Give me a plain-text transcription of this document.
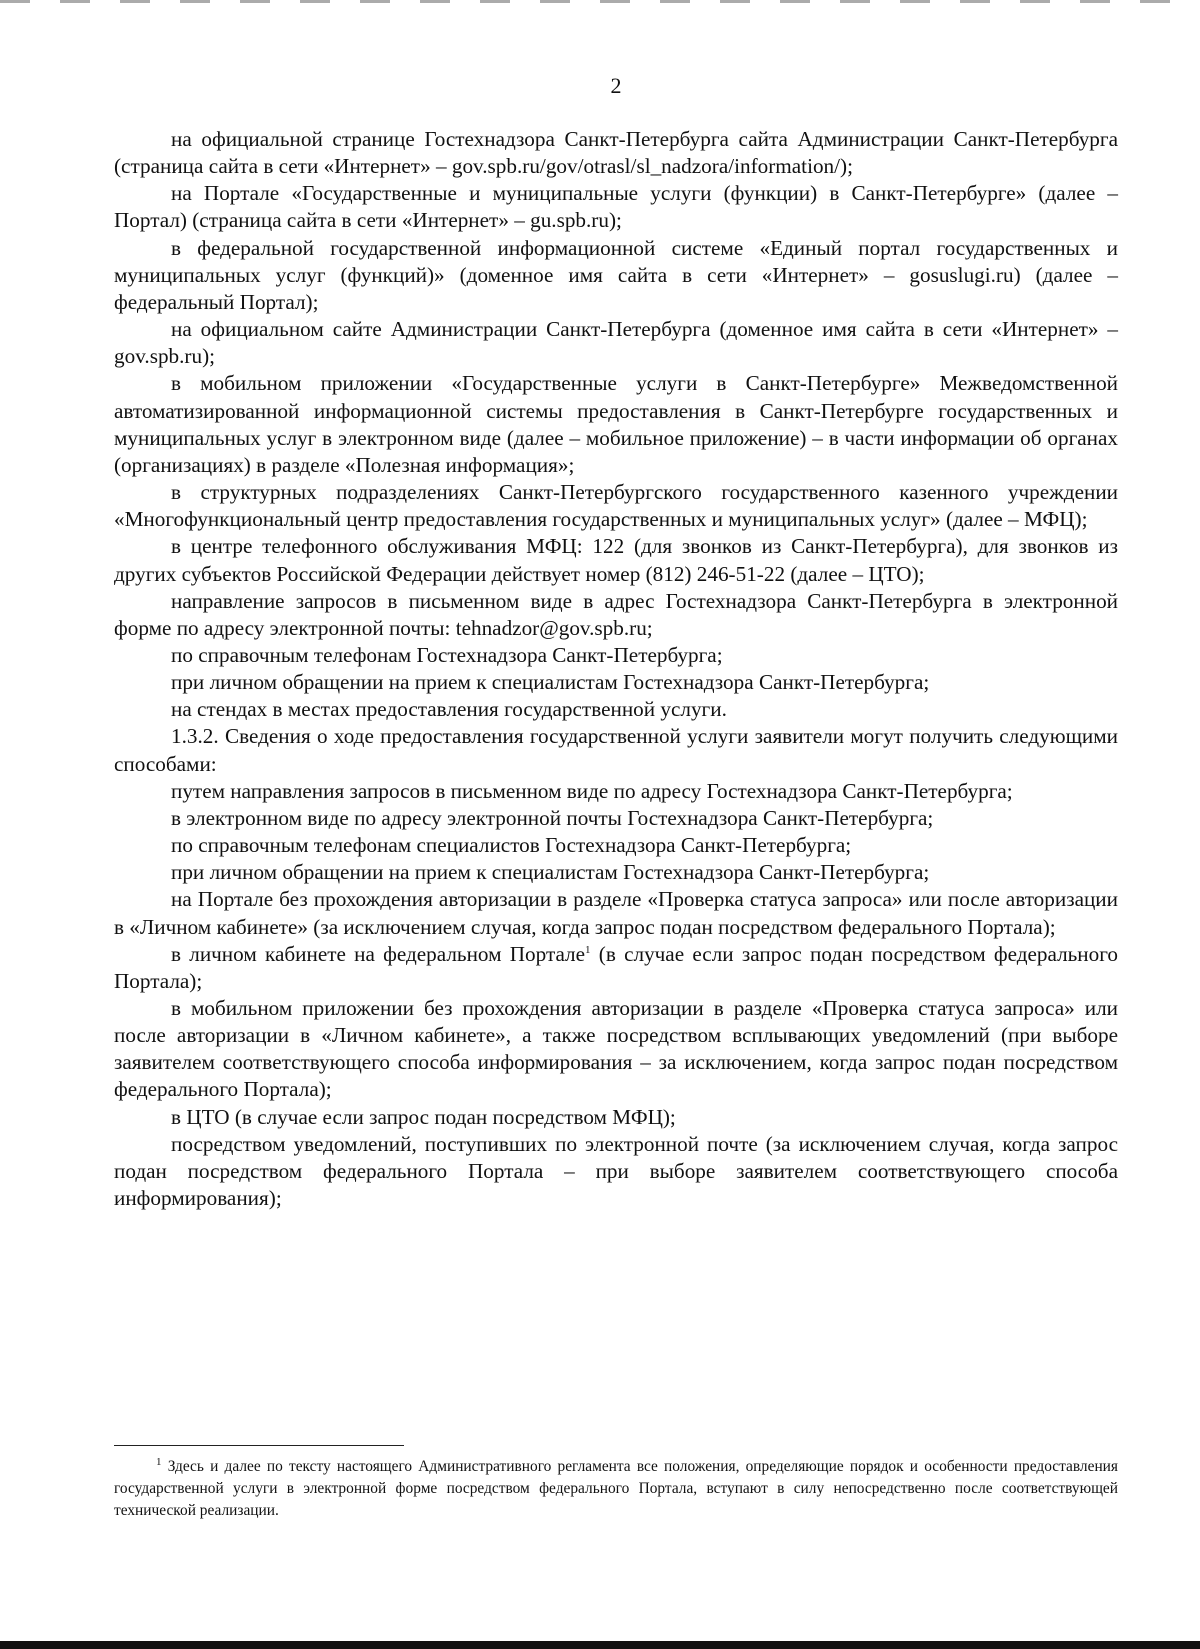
2

на официальной странице Гостехнадзора Санкт-Петербурга сайта Администрации Санкт-Петербурга (страница сайта в сети «Интернет» – gov.spb.ru/gov/otrasl/sl_nadzora/information/);

на Портале «Государственные и муниципальные услуги (функции) в Санкт-Петербурге» (далее – Портал) (страница сайта в сети «Интернет» – gu.spb.ru);

в федеральной государственной информационной системе «Единый портал государственных и муниципальных услуг (функций)» (доменное имя сайта в сети «Интернет» – gosuslugi.ru) (далее – федеральный Портал);

на официальном сайте Администрации Санкт-Петербурга (доменное имя сайта в сети «Интернет» – gov.spb.ru);

в мобильном приложении «Государственные услуги в Санкт-Петербурге» Межведомственной автоматизированной информационной системы предоставления в Санкт-Петербурге государственных и муниципальных услуг в электронном виде (далее – мобильное приложение) – в части информации об органах (организациях) в разделе «Полезная информация»;

в структурных подразделениях Санкт-Петербургского государственного казенного учреждении «Многофункциональный центр предоставления государственных и муниципальных услуг» (далее – МФЦ);

в центре телефонного обслуживания МФЦ: 122 (для звонков из Санкт-Петербурга), для звонков из других субъектов Российской Федерации действует номер (812) 246-51-22 (далее – ЦТО);

направление запросов в письменном виде в адрес Гостехнадзора Санкт-Петербурга в электронной форме по адресу электронной почты: tehnadzor@gov.spb.ru;

по справочным телефонам Гостехнадзора Санкт-Петербурга;

при личном обращении на прием к специалистам Гостехнадзора Санкт-Петербурга;

на стендах в местах предоставления государственной услуги.

1.3.2. Сведения о ходе предоставления государственной услуги заявители могут получить следующими способами:

путем направления запросов в письменном виде по адресу Гостехнадзора Санкт-Петербурга;

в электронном виде по адресу электронной почты Гостехнадзора Санкт-Петербурга;

по справочным телефонам специалистов Гостехнадзора Санкт-Петербурга;

при личном обращении на прием к специалистам Гостехнадзора Санкт-Петербурга;

на Портале без прохождения авторизации в разделе «Проверка статуса запроса» или после авторизации в «Личном кабинете» (за исключением случая, когда запрос подан посредством федерального Портала);

в личном кабинете на федеральном Портале$^1$ (в случае если запрос подан посредством федерального Портала);

в мобильном приложении без прохождения авторизации в разделе «Проверка статуса запроса» или после авторизации в «Личном кабинете», а также посредством всплывающих уведомлений (при выборе заявителем соответствующего способа информирования – за исключением, когда запрос подан посредством федерального Портала);

в ЦТО (в случае если запрос подан посредством МФЦ);

посредством уведомлений, поступивших по электронной почте (за исключением случая, когда запрос подан посредством федерального Портала – при выборе заявителем соответствующего способа информирования);

$^1$ Здесь и далее по тексту настоящего Административного регламента все положения, определяющие порядок и особенности предоставления государственной услуги в электронной форме посредством федерального Портала, вступают в силу непосредственно после соответствующей технической реализации.
